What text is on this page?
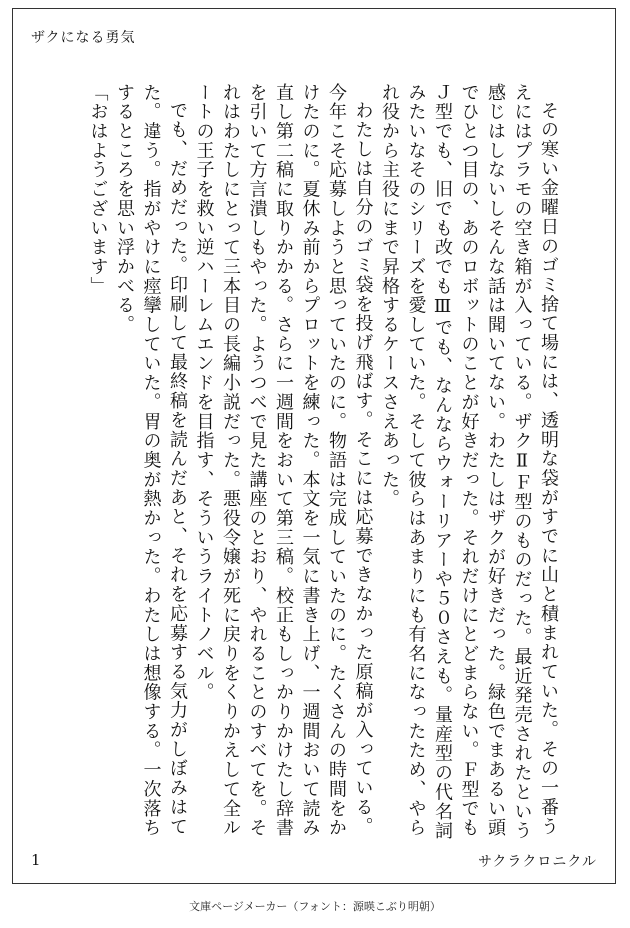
ザクになる勇気

その寒い金曜日のゴミ捨て場には、透明な袋がすでに山と積まれていた。その一番うえにはプラモの空き箱が入っている。ザクⅡＦ型のものだった。最近発売されたという感じはしないしそんな話は聞いてない。わたしはザクが好きだった。緑色でまあるい頭でひとつ目の、あのロボットのことが好きだった。それだけにとどまらない。Ｆ型でもＪ型でも、旧でも改でもⅢでも、なんならウォーリアーや５０さえも。量産型の代名詞みたいなそのシリーズを愛していた。そして彼らはあまりにも有名になったため、やられ役から主役にまで昇格するケースさえあった。

わたしは自分のゴミ袋を投げ飛ばす。そこには応募できなかった原稿が入っている。今年こそ応募しようと思っていたのに。物語は完成していたのに。たくさんの時間をかけたのに。夏休み前からプロットを練った。本文を一気に書き上げ、一週間おいて読み直し第二稿に取りかかる。さらに一週間をおいて第三稿。校正もしっかりかけたし辞書を引いて方言潰しもやった。ようつべで見た講座のとおり、やれることのすべてを。それはわたしにとって三本目の長編小説だった。悪役令嬢が死に戻りをくりかえして全ルートの王子を救い逆ハーレムエンドを目指す、そういうライトノベル。

でも、だめだった。印刷して最終稿を読んだあと、それを応募する気力がしぼみはてた。違う。指がやけに痙攣していた。胃の奥が熱かった。わたしは想像する。一次落ちするところを思い浮かべる。

「おはようございます」

1	サクラクロニクル
文庫ページメーカー（フォント：源暎こぶり明朝）
